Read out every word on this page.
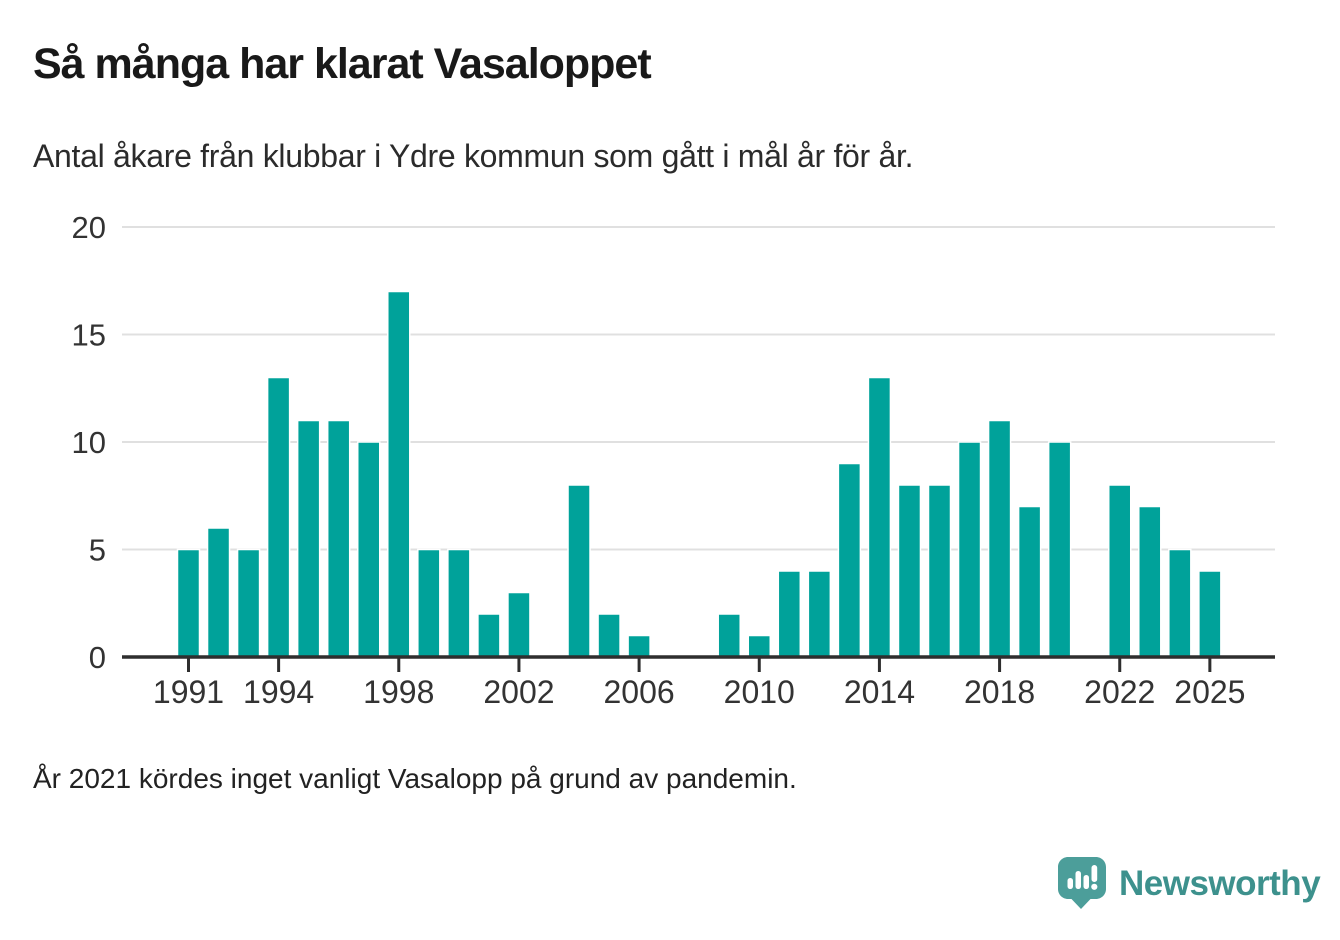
Så många har klarat Vasaloppet
Antal åkare från klubbar i Ydre kommun som gått i mål år för år.
0
5
10
15
20
1991 1994 1998 2002 2006 2010 2014 2018 2022 2025
År 2021 kördes inget vanligt Vasalopp på grund av pandemin.
Newsworthy
